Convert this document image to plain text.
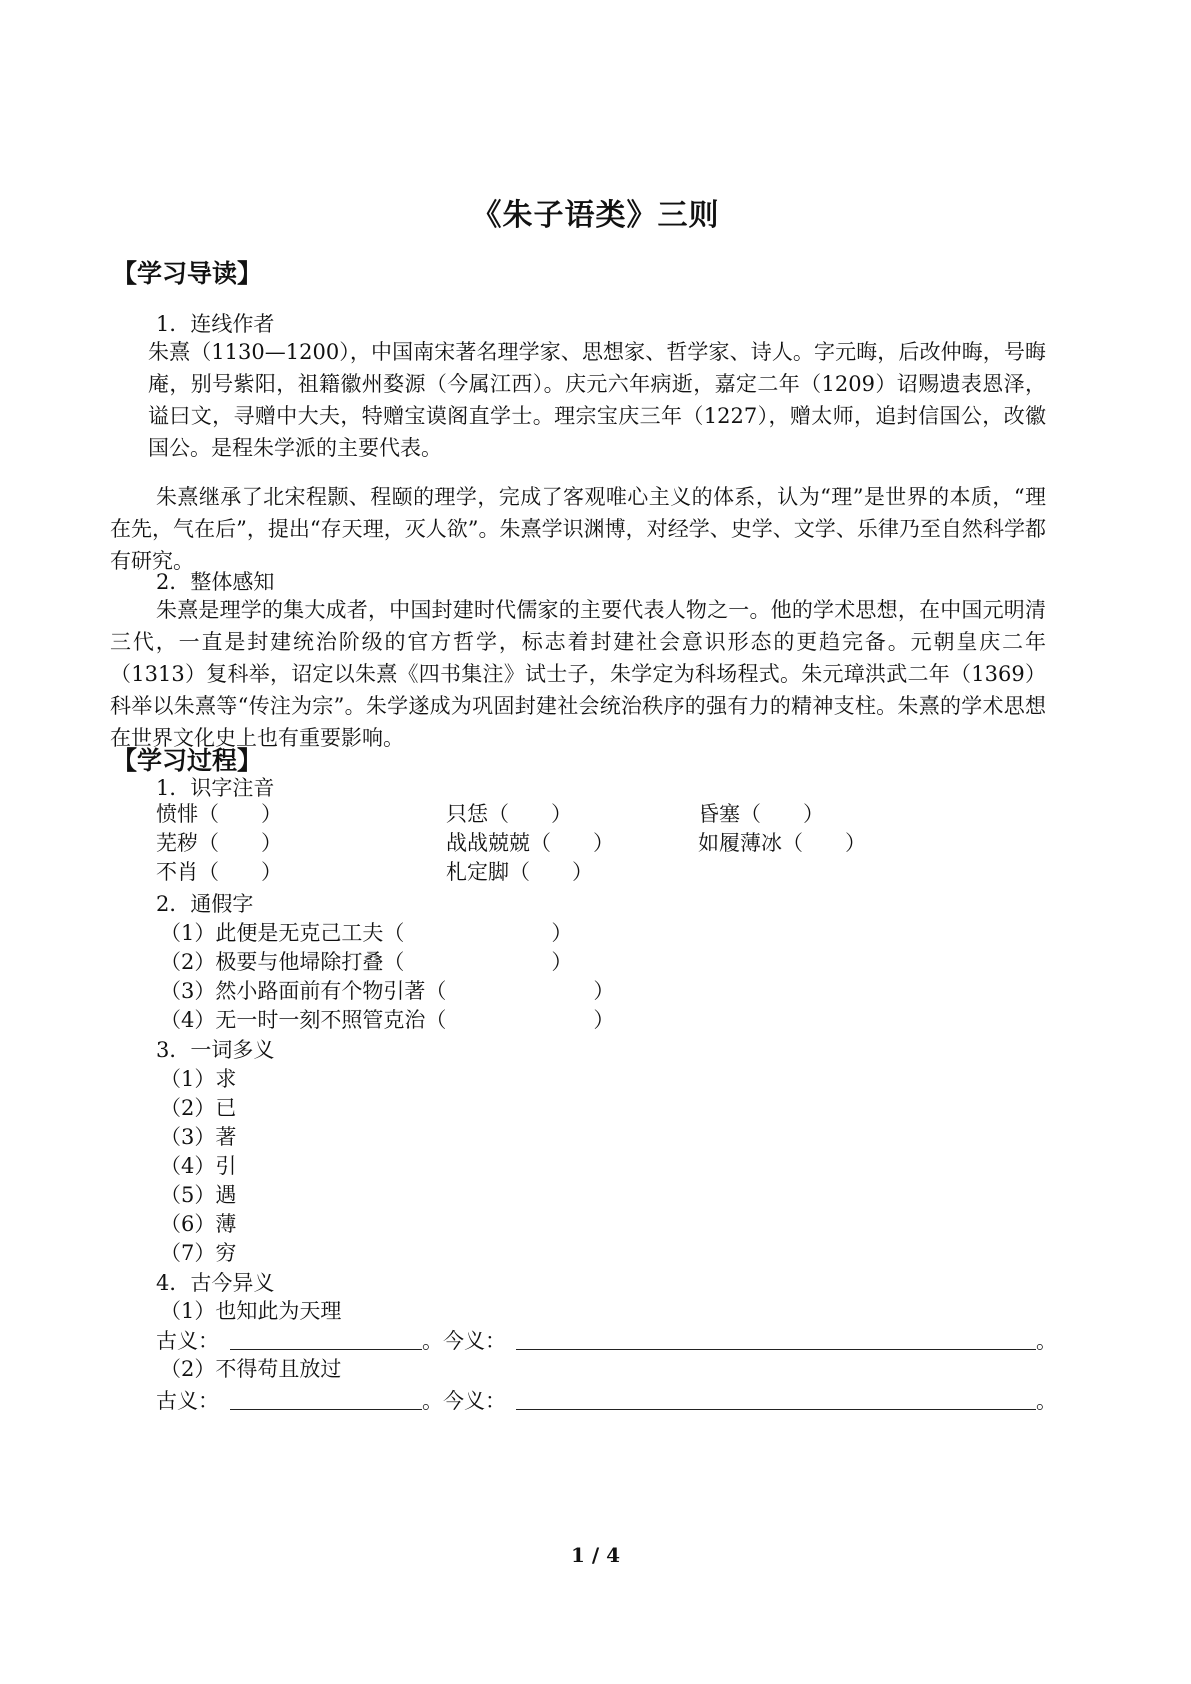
《朱子语类》三则
【学习导读】
1．连线作者
朱熹（1130—1200），中国南宋著名理学家、思想家、哲学家、诗人。字元晦，后改仲晦，号晦庵，别号紫阳，祖籍徽州婺源（今属江西）。庆元六年病逝，嘉定二年（1209）诏赐遗表恩泽，谥曰文，寻赠中大夫，特赠宝谟阁直学士。理宗宝庆三年（1227），赠太师，追封信国公，改徽国公。是程朱学派的主要代表。
朱熹继承了北宋程颢、程颐的理学，完成了客观唯心主义的体系，认为“理”是世界的本质，“理在先，气在后”，提出“存天理，灭人欲”。朱熹学识渊博，对经学、史学、文学、乐律乃至自然科学都有研究。
2．整体感知
朱熹是理学的集大成者，中国封建时代儒家的主要代表人物之一。他的学术思想，在中国元明清三代，一直是封建统治阶级的官方哲学，标志着封建社会意识形态的更趋完备。元朝皇庆二年（1313）复科举，诏定以朱熹《四书集注》试士子，朱学定为科场程式。朱元璋洪武二年（1369）科举以朱熹等“传注为宗”。朱学遂成为巩固封建社会统治秩序的强有力的精神支柱。朱熹的学术思想在世界文化史上也有重要影响。
【学习过程】
1．识字注音
愤悱（　　）	只恁（　　）	昏塞（　　）
芜秽（　　）	战战兢兢（　　）	如履薄冰（　　）
不肖（　　）	札定脚（　　）
2．通假字
（1）此便是无克己工夫（　　　　　　　）
（2）极要与他埽除打叠（　　　　　　　）
（3）然小路面前有个物引著（　　　　　　　）
（4）无一时一刻不照管克治（　　　　　　　）
3．一词多义
（1）求
（2）已
（3）著
（4）引
（5）遇
（6）薄
（7）穷
4．古今异义
（1）也知此为天理
古义：	。今义：	。
（2）不得苟且放过
古义：	。今义：	。
1 / 4
